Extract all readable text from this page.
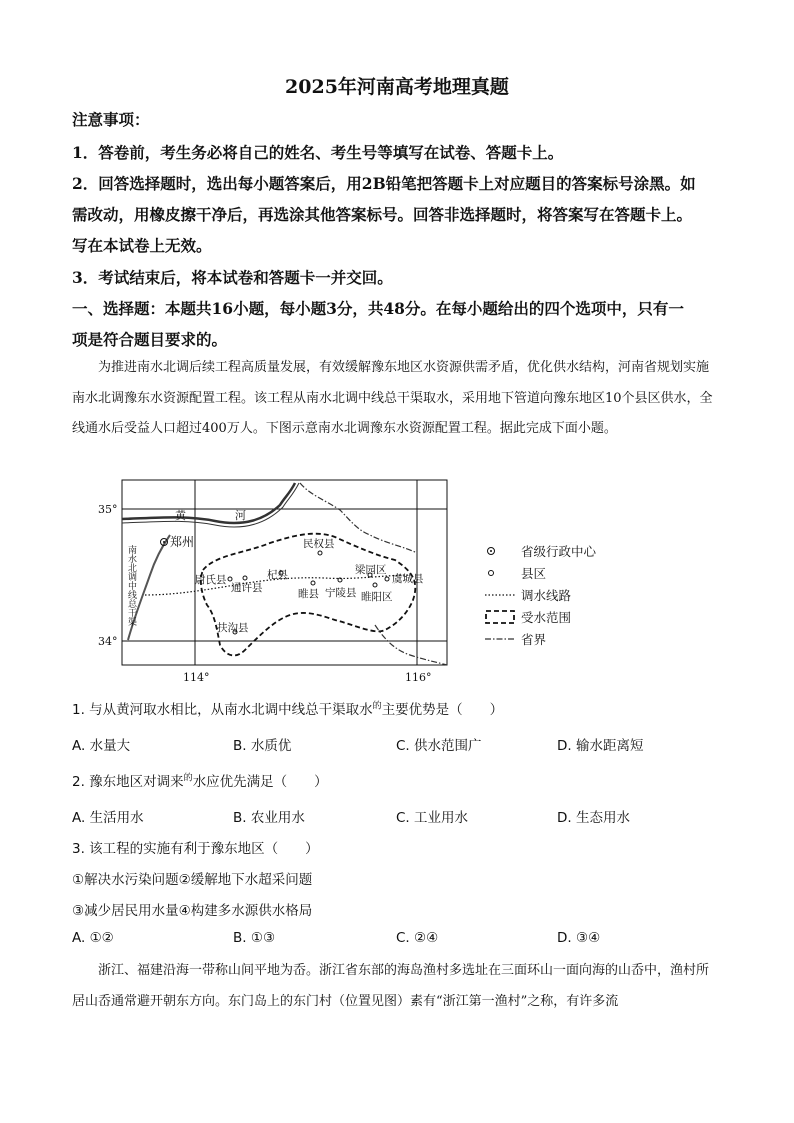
2025年河南高考地理真题
注意事项：
1．答卷前，考生务必将自己的姓名、考生号等填写在试卷、答题卡上。
2．回答选择题时，选出每小题答案后，用2B铅笔把答题卡上对应题目的答案标号涂黑。如
需改动，用橡皮擦干净后，再选涂其他答案标号。回答非选择题时，将答案写在答题卡上。
写在本试卷上无效。
3．考试结束后，将本试卷和答题卡一并交回。
一、选择题：本题共16小题，每小题3分，共48分。在每小题给出的四个选项中，只有一
项是符合题目要求的。
为推进南水北调后续工程高质量发展，有效缓解豫东地区水资源供需矛盾，优化供水结构，河南省规划实施南水北调豫东水资源配置工程。该工程从南水北调中线总干渠取水，采用地下管道向豫东地区10个县区供水，全线通水后受益人口超过400万人。下图示意南水北调豫东水资源配置工程。据此完成下面小题。
35°
34°
114°	116°
黄	河
南水北调中线总干渠
郑州	民权县
尉氏县
通许县
杞县
睢县 宁陵县
梁园区
睢阳区
虞城县
扶沟县
省级行政中心
县区
调水线路
受水范围
省界
1. 与从黄河取水相比，从南水北调中线总干渠取水$^的$主要优势是（　　）
A. 水量大	B. 水质优	C. 供水范围广	D. 输水距离短
2. 豫东地区对调来$^的$水应优先满足（　　）
A. 生活用水	B. 农业用水	C. 工业用水	D. 生态用水
3. 该工程的实施有利于豫东地区（　　）
①解决水污染问题②缓解地下水超采问题
③减少居民用水量④构建多水源供水格局
A. ①②	B. ①③	C. ②④	D. ③④
浙江、福建沿海一带称山间平地为岙。浙江省东部的海岛渔村多选址在三面环山一面向海的山岙中，渔村所居山岙通常避开朝东方向。东门岛上的东门村（位置见图）素有“浙江第一渔村”之称，有许多流
